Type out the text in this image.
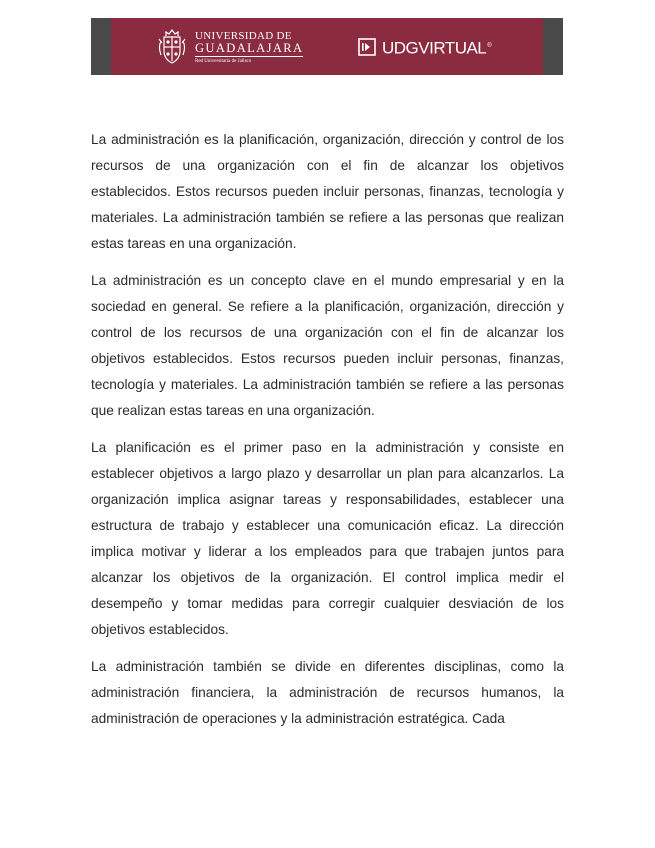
UNIVERSIDAD DE
GUADALAJARA
Red Universitaria de Jalisco
UDGVIRTUAL®

La administración es la planificación, organización, dirección y control de los recursos de una organización con el fin de alcanzar los objetivos establecidos. Estos recursos pueden incluir personas, finanzas, tecnología y materiales. La administración también se refiere a las personas que realizan estas tareas en una organización.

La administración es un concepto clave en el mundo empresarial y en la sociedad en general. Se refiere a la planificación, organización, dirección y control de los recursos de una organización con el fin de alcanzar los objetivos establecidos. Estos recursos pueden incluir personas, finanzas, tecnología y materiales. La administración también se refiere a las personas que realizan estas tareas en una organización.

La planificación es el primer paso en la administración y consiste en establecer objetivos a largo plazo y desarrollar un plan para alcanzarlos. La organización implica asignar tareas y responsabilidades, establecer una estructura de trabajo y establecer una comunicación eficaz. La dirección implica motivar y liderar a los empleados para que trabajen juntos para alcanzar los objetivos de la organización. El control implica medir el desempeño y tomar medidas para corregir cualquier desviación de los objetivos establecidos.

La administración también se divide en diferentes disciplinas, como la administración financiera, la administración de recursos humanos, la administración de operaciones y la administración estratégica. Cada
